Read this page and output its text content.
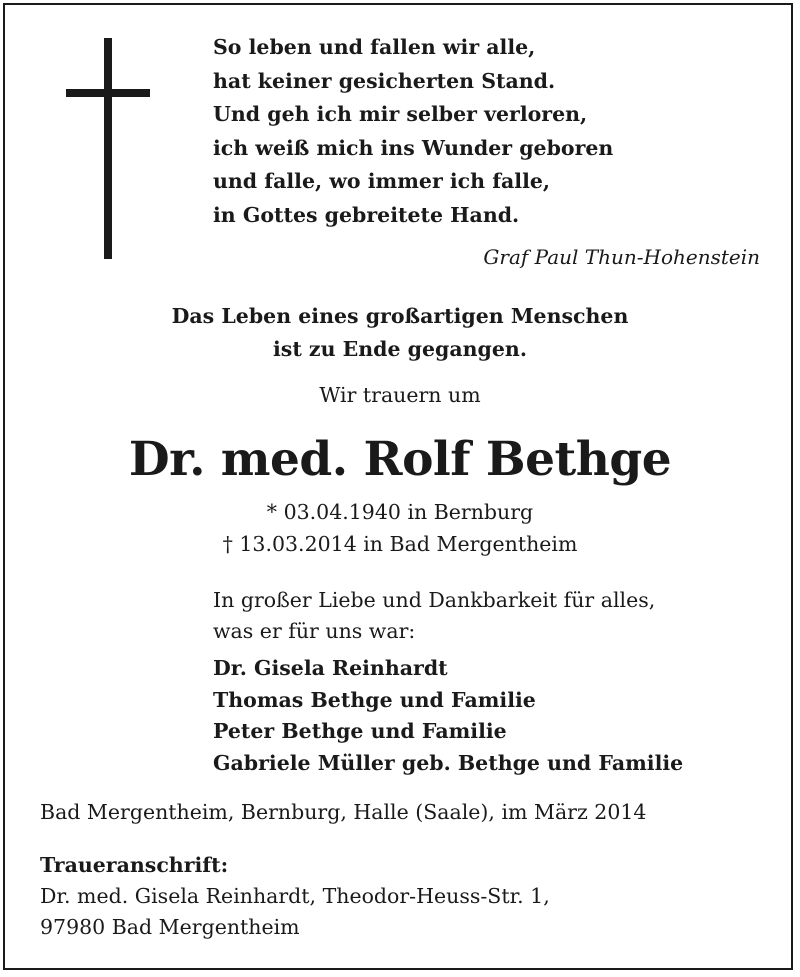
So leben und fallen wir alle,
hat keiner gesicherten Stand.
Und geh ich mir selber verloren,
ich weiß mich ins Wunder geboren
und falle, wo immer ich falle,
in Gottes gebreitete Hand.
Graf Paul Thun-Hohenstein
Das Leben eines großartigen Menschen
ist zu Ende gegangen.
Wir trauern um
Dr. med. Rolf Bethge
* 03.04.1940 in Bernburg
† 13.03.2014 in Bad Mergentheim
In großer Liebe und Dankbarkeit für alles,
was er für uns war:
Dr. Gisela Reinhardt
Thomas Bethge und Familie
Peter Bethge und Familie
Gabriele Müller geb. Bethge und Familie
Bad Mergentheim, Bernburg, Halle (Saale), im März 2014
Traueranschrift:
Dr. med. Gisela Reinhardt, Theodor-Heuss-Str. 1,
97980 Bad Mergentheim
